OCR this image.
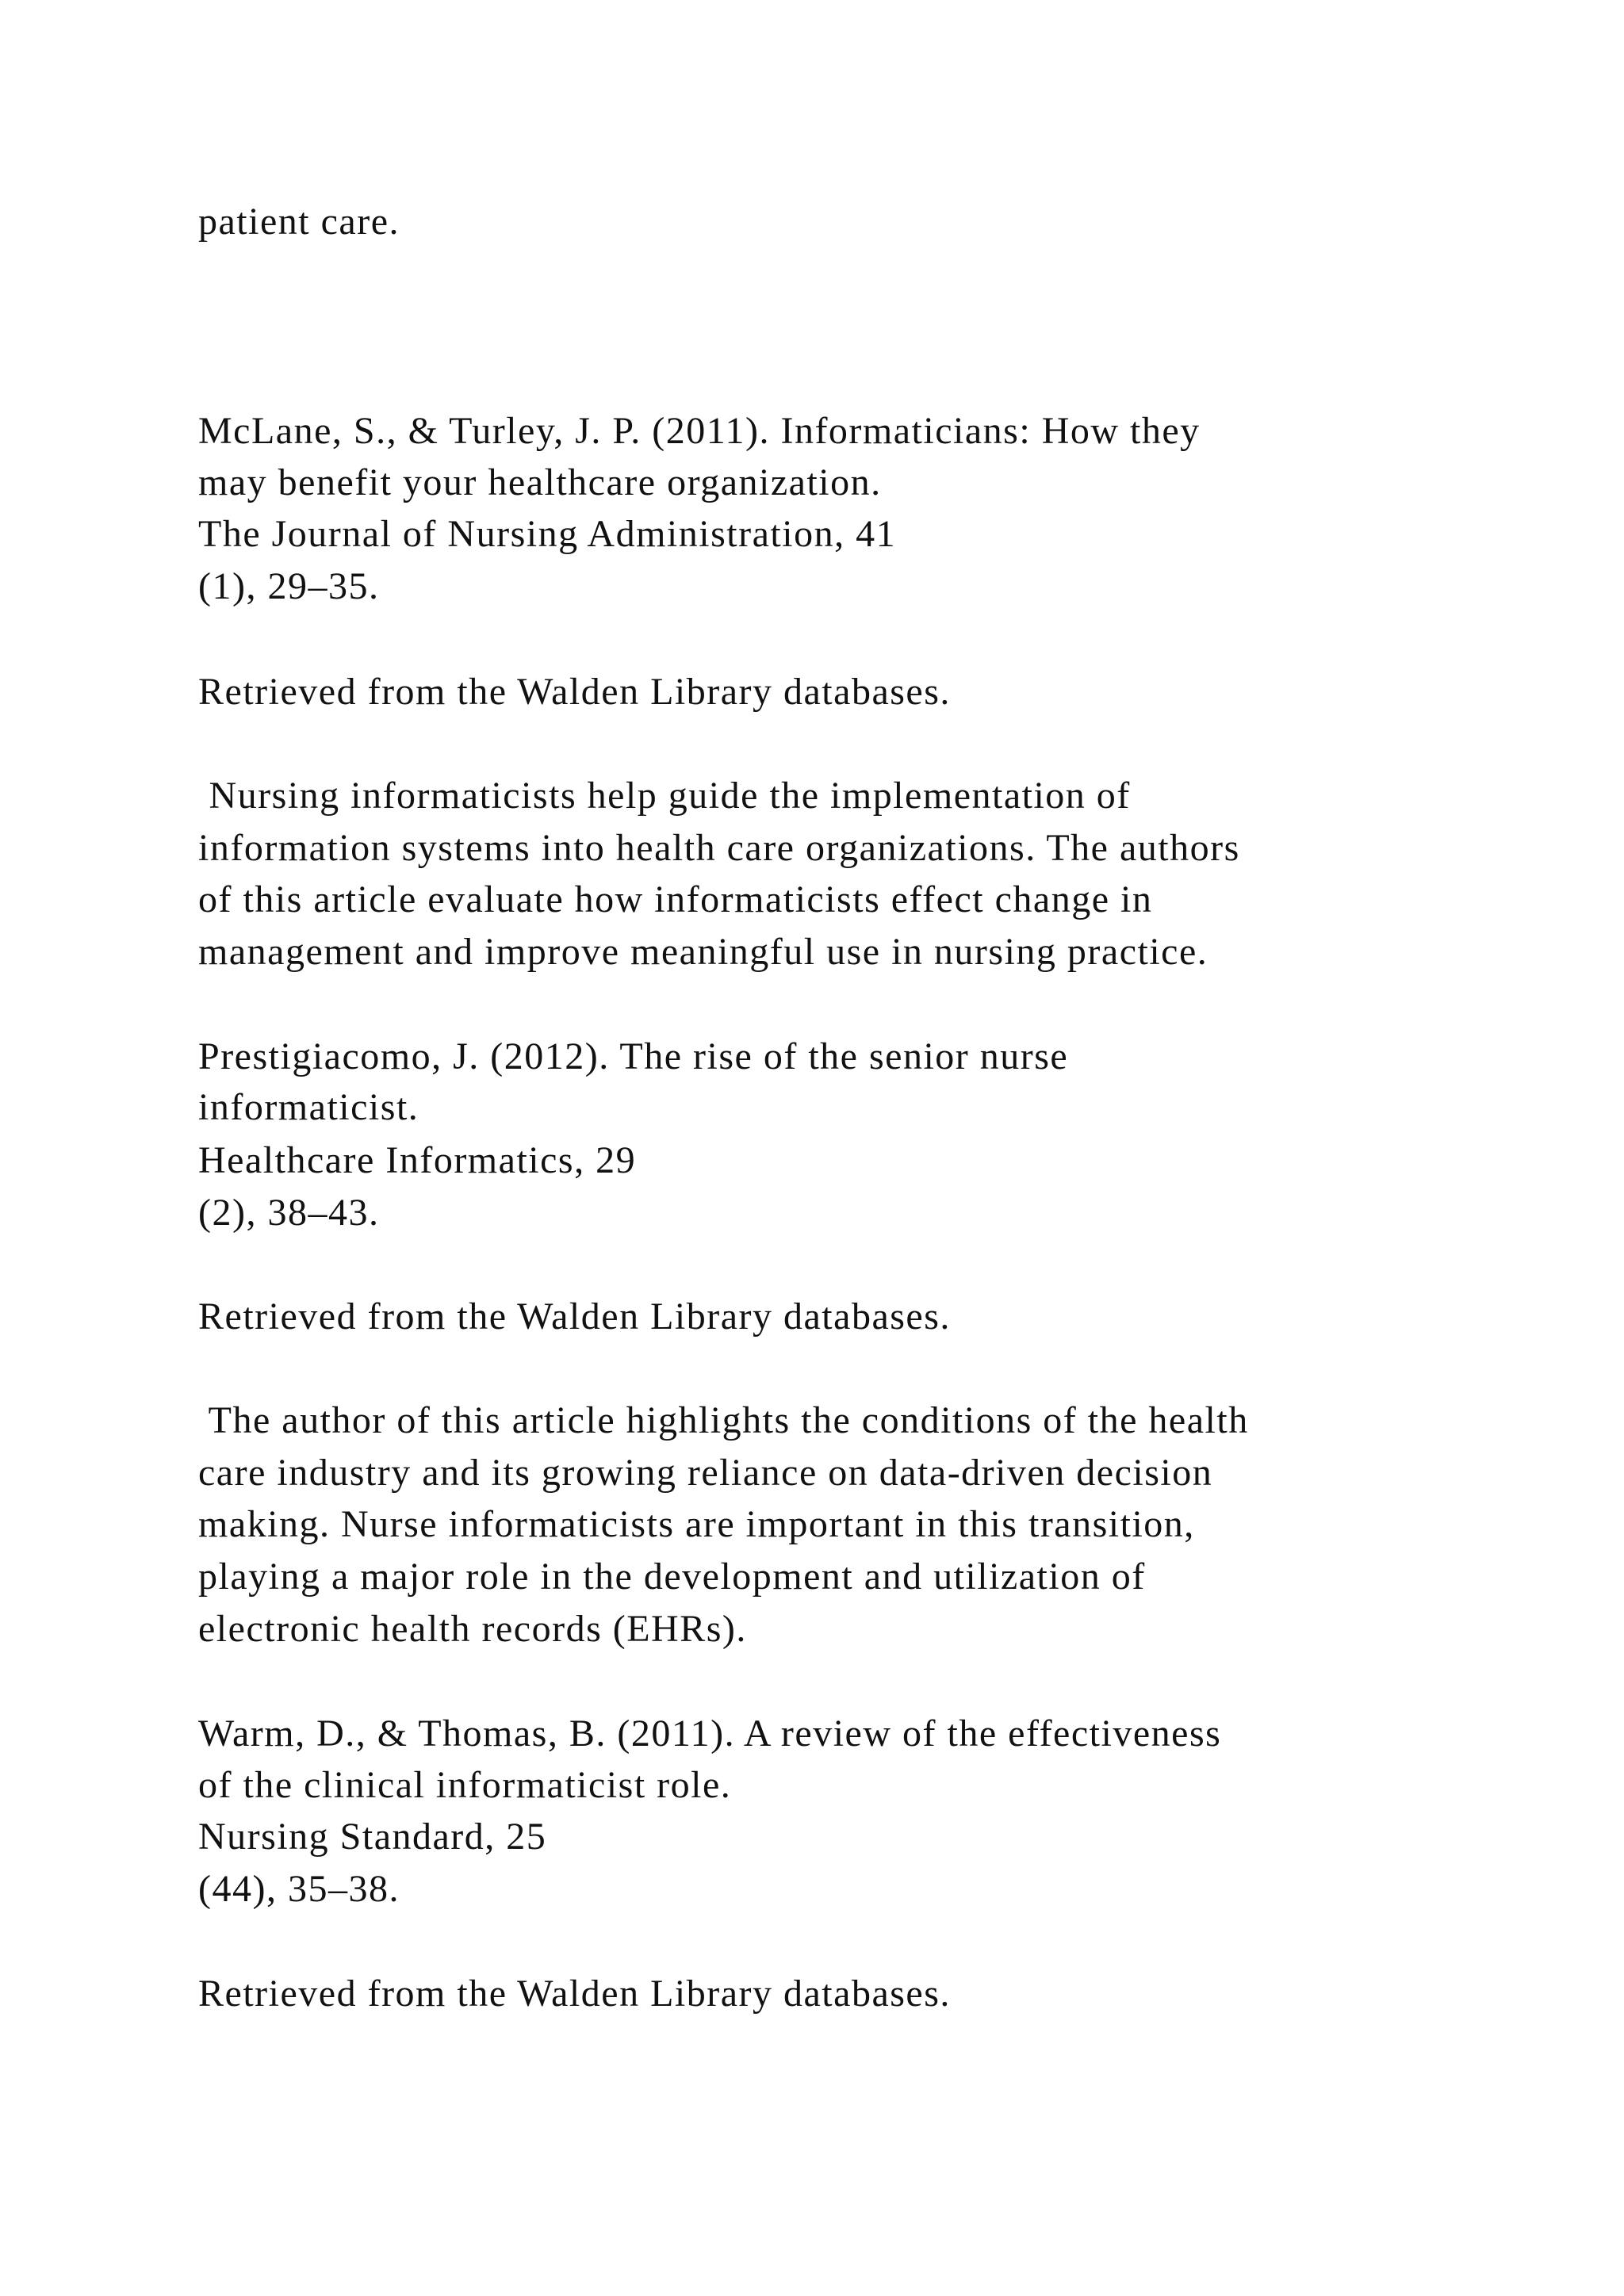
patient care.
McLane, S., & Turley, J. P. (2011). Informaticians: How they
may benefit your healthcare organization.
The Journal of Nursing Administration, 41
(1), 29–35.
Retrieved from the Walden Library databases.
Nursing informaticists help guide the implementation of
information systems into health care organizations. The authors
of this article evaluate how informaticists effect change in
management and improve meaningful use in nursing practice.
Prestigiacomo, J. (2012). The rise of the senior nurse
informaticist.
Healthcare Informatics, 29
(2), 38–43.
Retrieved from the Walden Library databases.
The author of this article highlights the conditions of the health
care industry and its growing reliance on data-driven decision
making. Nurse informaticists are important in this transition,
playing a major role in the development and utilization of
electronic health records (EHRs).
Warm, D., & Thomas, B. (2011). A review of the effectiveness
of the clinical informaticist role.
Nursing Standard, 25
(44), 35–38.
Retrieved from the Walden Library databases.
